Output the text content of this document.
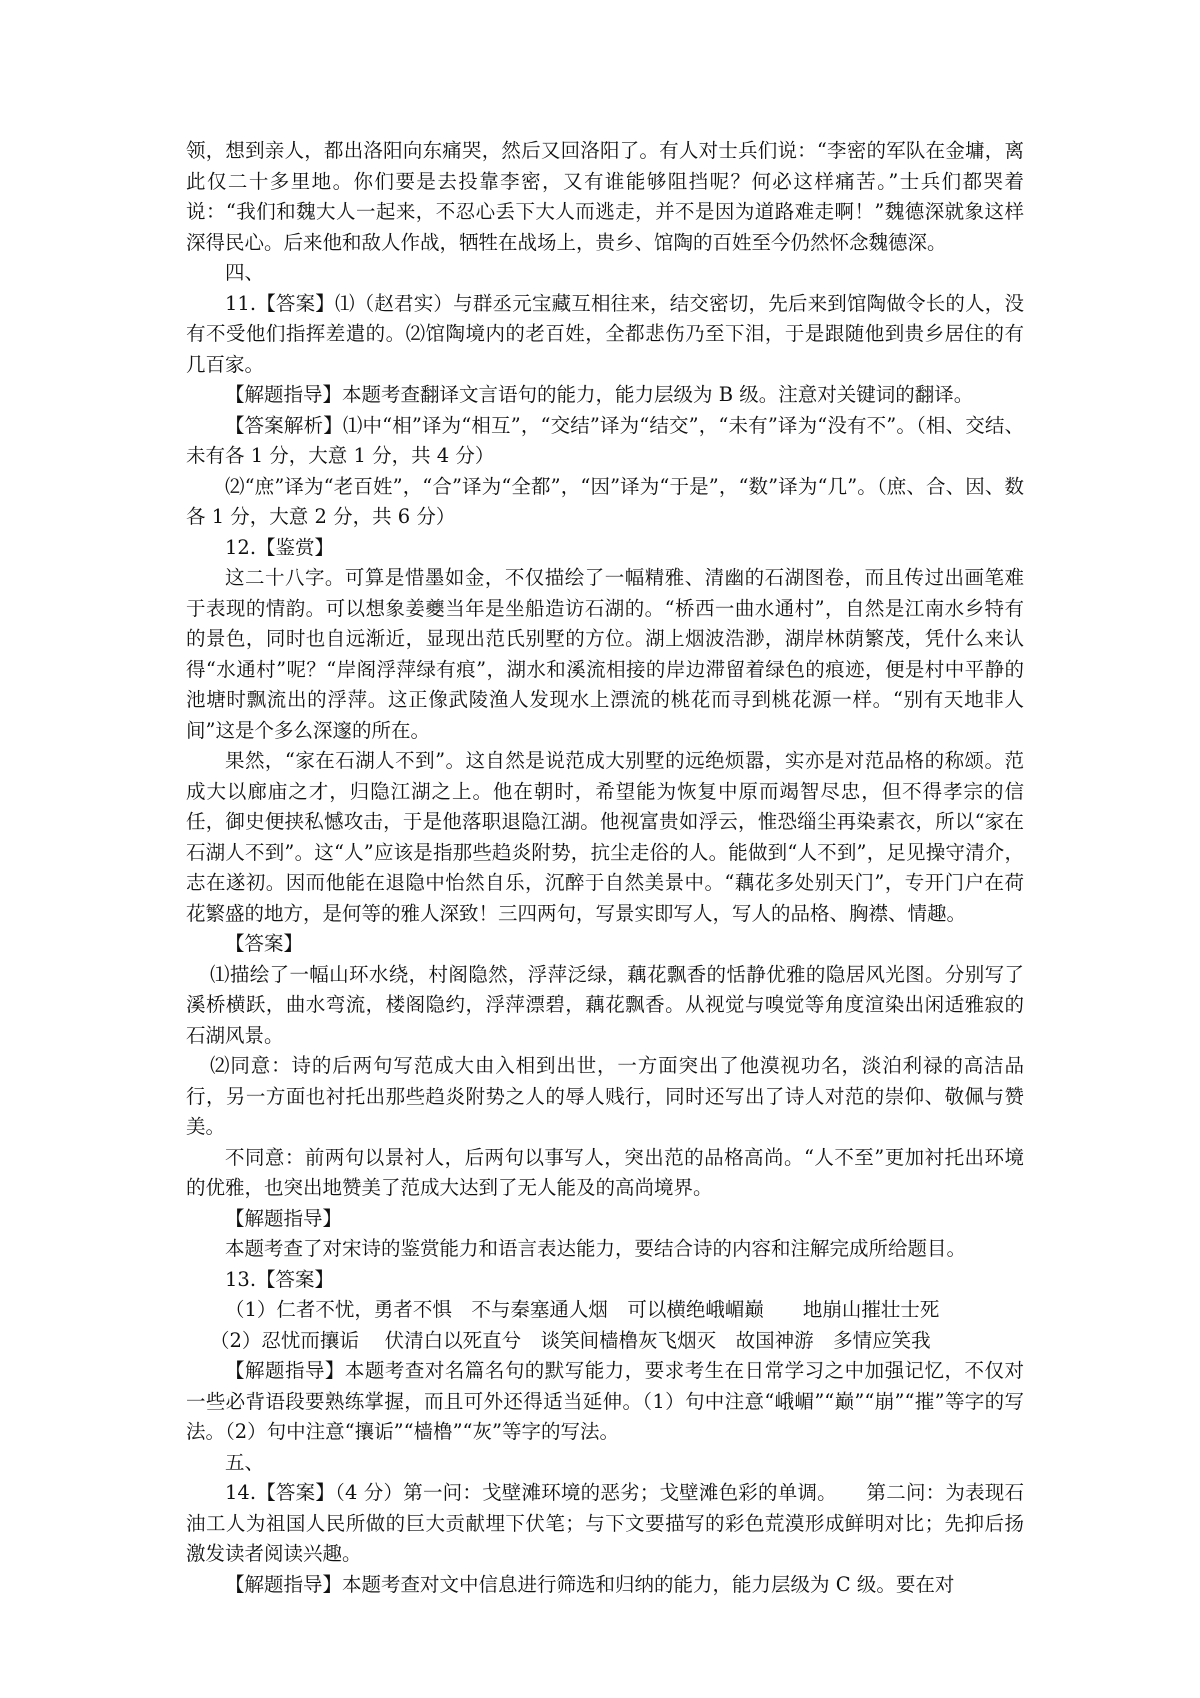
领，想到亲人，都出洛阳向东痛哭，然后又回洛阳了。有人对士兵们说：“李密的军队在金墉，离此仅二十多里地。你们要是去投靠李密，又有谁能够阻挡呢？何必这样痛苦。”士兵们都哭着说：“我们和魏大人一起来，不忍心丢下大人而逃走，并不是因为道路难走啊！”魏德深就象这样深得民心。后来他和敌人作战，牺牲在战场上，贵乡、馆陶的百姓至今仍然怀念魏德深。

四、

11.【答案】⑴（赵君实）与群丞元宝藏互相往来，结交密切，先后来到馆陶做令长的人，没有不受他们指挥差遣的。⑵馆陶境内的老百姓，全都悲伤乃至下泪，于是跟随他到贵乡居住的有几百家。

【解题指导】本题考查翻译文言语句的能力，能力层级为 B 级。注意对关键词的翻译。

【答案解析】⑴中“相”译为“相互”，“交结”译为“结交”，“未有”译为“没有不”。（相、交结、未有各 1 分，大意 1 分，共 4 分）

⑵“庶”译为“老百姓”，“合”译为“全都”，“因”译为“于是”，“数”译为“几”。（庶、合、因、数各 1 分，大意 2 分，共 6 分）

12.【鉴赏】

这二十八字。可算是惜墨如金，不仅描绘了一幅精雅、清幽的石湖图卷，而且传过出画笔难于表现的情韵。可以想象姜夔当年是坐船造访石湖的。“桥西一曲水通村”，自然是江南水乡特有的景色，同时也自远渐近，显现出范氏别墅的方位。湖上烟波浩渺，湖岸林荫繁茂，凭什么来认得“水通村”呢？“岸阁浮萍绿有痕”，湖水和溪流相接的岸边滞留着绿色的痕迹，便是村中平静的池塘时飘流出的浮萍。这正像武陵渔人发现水上漂流的桃花而寻到桃花源一样。“别有天地非人间”这是个多么深邃的所在。

果然，“家在石湖人不到”。这自然是说范成大别墅的远绝烦嚣，实亦是对范品格的称颂。范成大以廊庙之才，归隐江湖之上。他在朝时，希望能为恢复中原而竭智尽忠，但不得孝宗的信任，御史便挟私憾攻击，于是他落职退隐江湖。他视富贵如浮云，惟恐缁尘再染素衣，所以“家在石湖人不到”。这“人”应该是指那些趋炎附势，抗尘走俗的人。能做到“人不到”，足见操守清介，志在遂初。因而他能在退隐中怡然自乐，沉醉于自然美景中。“藕花多处别天门”，专开门户在荷花繁盛的地方，是何等的雅人深致！三四两句，写景实即写人，写人的品格、胸襟、情趣。

【答案】

⑴描绘了一幅山环水绕，村阁隐然，浮萍泛绿，藕花飘香的恬静优雅的隐居风光图。分别写了溪桥横跃，曲水弯流，楼阁隐约，浮萍漂碧，藕花飘香。从视觉与嗅觉等角度渲染出闲适雅寂的石湖风景。

⑵同意：诗的后两句写范成大由入相到出世，一方面突出了他漠视功名，淡泊利禄的高洁品行，另一方面也衬托出那些趋炎附势之人的辱人贱行，同时还写出了诗人对范的崇仰、敬佩与赞美。

不同意：前两句以景衬人，后两句以事写人，突出范的品格高尚。“人不至”更加衬托出环境的优雅，也突出地赞美了范成大达到了无人能及的高尚境界。

【解题指导】

本题考查了对宋诗的鉴赏能力和语言表达能力，要结合诗的内容和注解完成所给题目。

13.【答案】

（1）仁者不忧，勇者不惧　不与秦塞通人烟　可以横绝峨嵋巅　　地崩山摧壮士死

（2）忍忧而攘诟　 伏清白以死直兮　谈笑间樯橹灰飞烟灭　故国神游　多情应笑我

【解题指导】本题考查对名篇名句的默写能力，要求考生在日常学习之中加强记忆，不仅对一些必背语段要熟练掌握，而且可外还得适当延伸。（1）句中注意“峨嵋”“巅”“崩”“摧”等字的写法。（2）句中注意“攘诟”“樯橹”“灰”等字的写法。

五、

14.【答案】（4 分）第一问：戈壁滩环境的恶劣；戈壁滩色彩的单调。　　第二问：为表现石油工人为祖国人民所做的巨大贡献埋下伏笔；与下文要描写的彩色荒漠形成鲜明对比；先抑后扬激发读者阅读兴趣。

【解题指导】本题考查对文中信息进行筛选和归纳的能力，能力层级为 C 级。要在对
